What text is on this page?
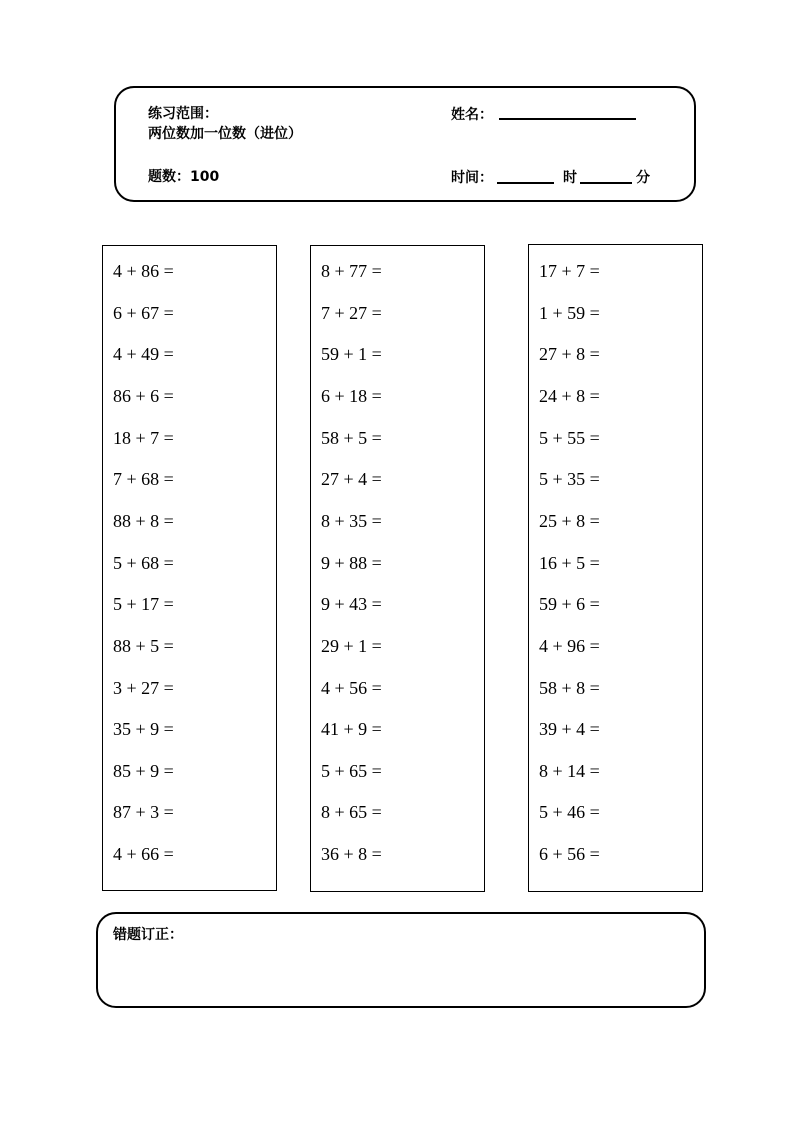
练习范围：
两位数加一位数（进位）
题数：100
姓名：
时间：	时	分
4 + 86 =
6 + 67 =
4 + 49 =
86 + 6 =
18 + 7 =
7 + 68 =
88 + 8 =
5 + 68 =
5 + 17 =
88 + 5 =
3 + 27 =
35 + 9 =
85 + 9 =
87 + 3 =
4 + 66 =
8 + 77 =
7 + 27 =
59 + 1 =
6 + 18 =
58 + 5 =
27 + 4 =
8 + 35 =
9 + 88 =
9 + 43 =
29 + 1 =
4 + 56 =
41 + 9 =
5 + 65 =
8 + 65 =
36 + 8 =
17 + 7 =
1 + 59 =
27 + 8 =
24 + 8 =
5 + 55 =
5 + 35 =
25 + 8 =
16 + 5 =
59 + 6 =
4 + 96 =
58 + 8 =
39 + 4 =
8 + 14 =
5 + 46 =
6 + 56 =
错题订正：
